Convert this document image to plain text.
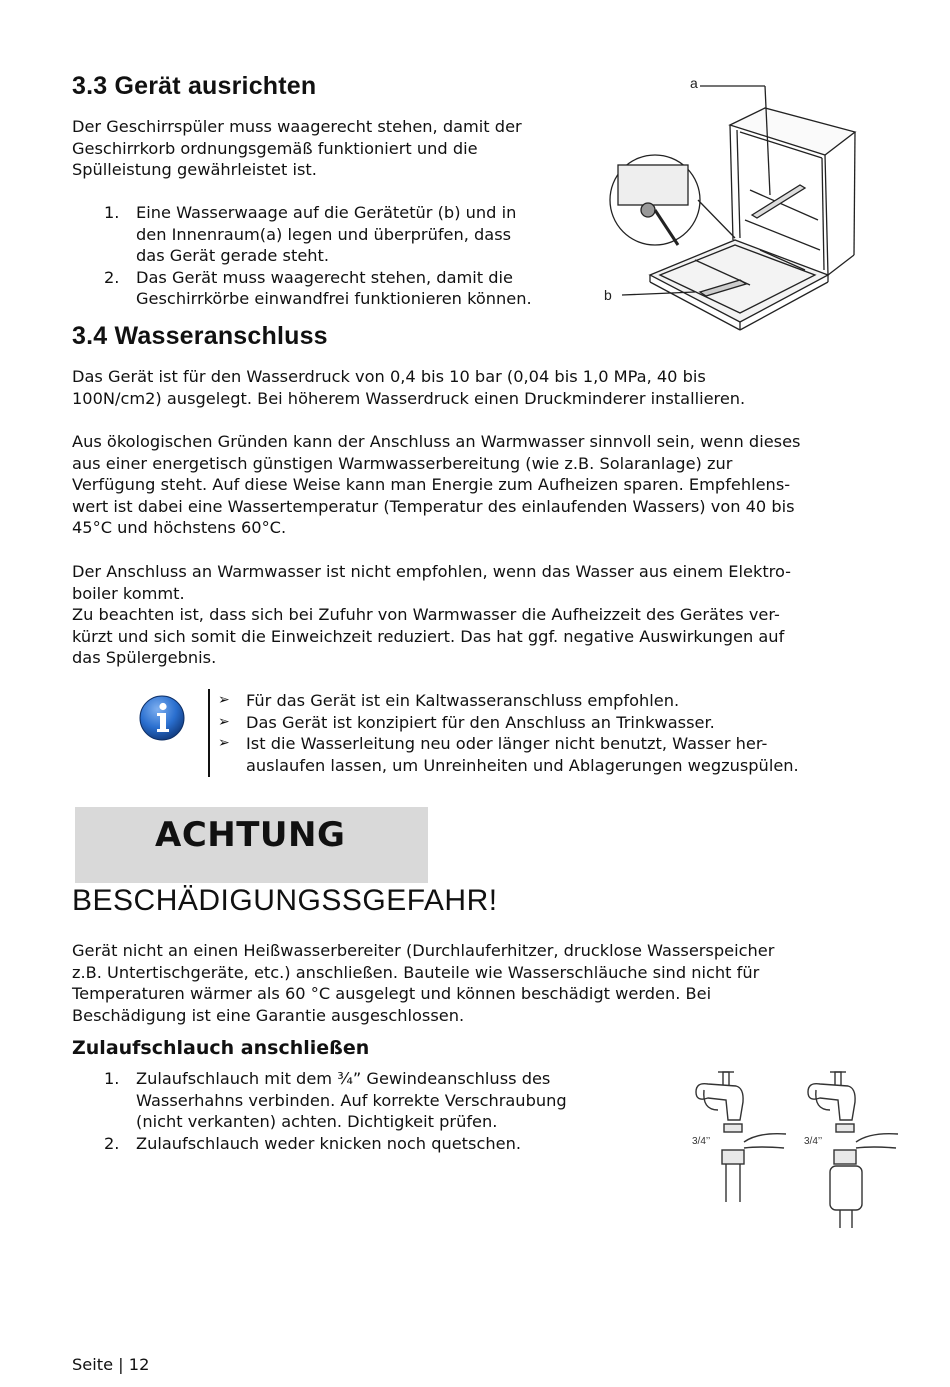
3.3 Gerät ausrichten

Der Geschirrspüler muss waagerecht stehen, damit der

Geschirrkorb ordnungsgemäß funktioniert und die

Spülleistung gewährleistet ist.

1. Eine Wasserwaage auf die Gerätetür (b) und in
den Innenraum(a) legen und überprüfen, dass
das Gerät gerade steht.
2. Das Gerät muss waagerecht stehen, damit die
Geschirrkörbe einwandfrei funktionieren können.
a
b
3.4 Wasseranschluss

Das Gerät ist für den Wasserdruck von 0,4 bis 10 bar (0,04 bis 1,0 MPa, 40 bis

100N/cm2) ausgelegt. Bei höherem Wasserdruck einen Druckminderer installieren.

Aus ökologischen Gründen kann der Anschluss an Warmwasser sinnvoll sein, wenn dieses

aus einer energetisch günstigen Warmwasserbereitung (wie z.B. Solaranlage) zur

Verfügung steht. Auf diese Weise kann man Energie zum Aufheizen sparen. Empfehlens-

wert ist dabei eine Wassertemperatur (Temperatur des einlaufenden Wassers) von 40 bis

45°C und höchstens 60°C.

Der Anschluss an Warmwasser ist nicht empfohlen, wenn das Wasser aus einem Elektro-

boiler kommt.

Zu beachten ist, dass sich bei Zufuhr von Warmwasser die Aufheizzeit des Gerätes ver-

kürzt und sich somit die Einweichzeit reduziert. Das hat ggf. negative Auswirkungen auf

das Spülergebnis.

➢ Für das Gerät ist ein Kaltwasseranschluss empfohlen.
➢ Das Gerät ist konzipiert für den Anschluss an Trinkwasser.
➢ Ist die Wasserleitung neu oder länger nicht benutzt, Wasser her-
auslaufen lassen, um Unreinheiten und Ablagerungen wegzuspülen.
ACHTUNG
BESCHÄDIGUNGSSGEFAHR!

Gerät nicht an einen Heißwasserbereiter (Durchlauferhitzer, drucklose Wasserspeicher

z.B. Untertischgeräte, etc.) anschließen. Bauteile wie Wasserschläuche sind nicht für

Temperaturen wärmer als 60 °C ausgelegt und können beschädigt werden. Bei

Beschädigung ist eine Garantie ausgeschlossen.

Zulaufschlauch anschließen
1. Zulaufschlauch mit dem ¾” Gewindeanschluss des
Wasserhahns verbinden. Auf korrekte Verschraubung
(nicht verkanten) achten. Dichtigkeit prüfen.
2. Zulaufschlauch weder knicken noch quetschen.	3/4’’	3/4’’
Seite | 12
